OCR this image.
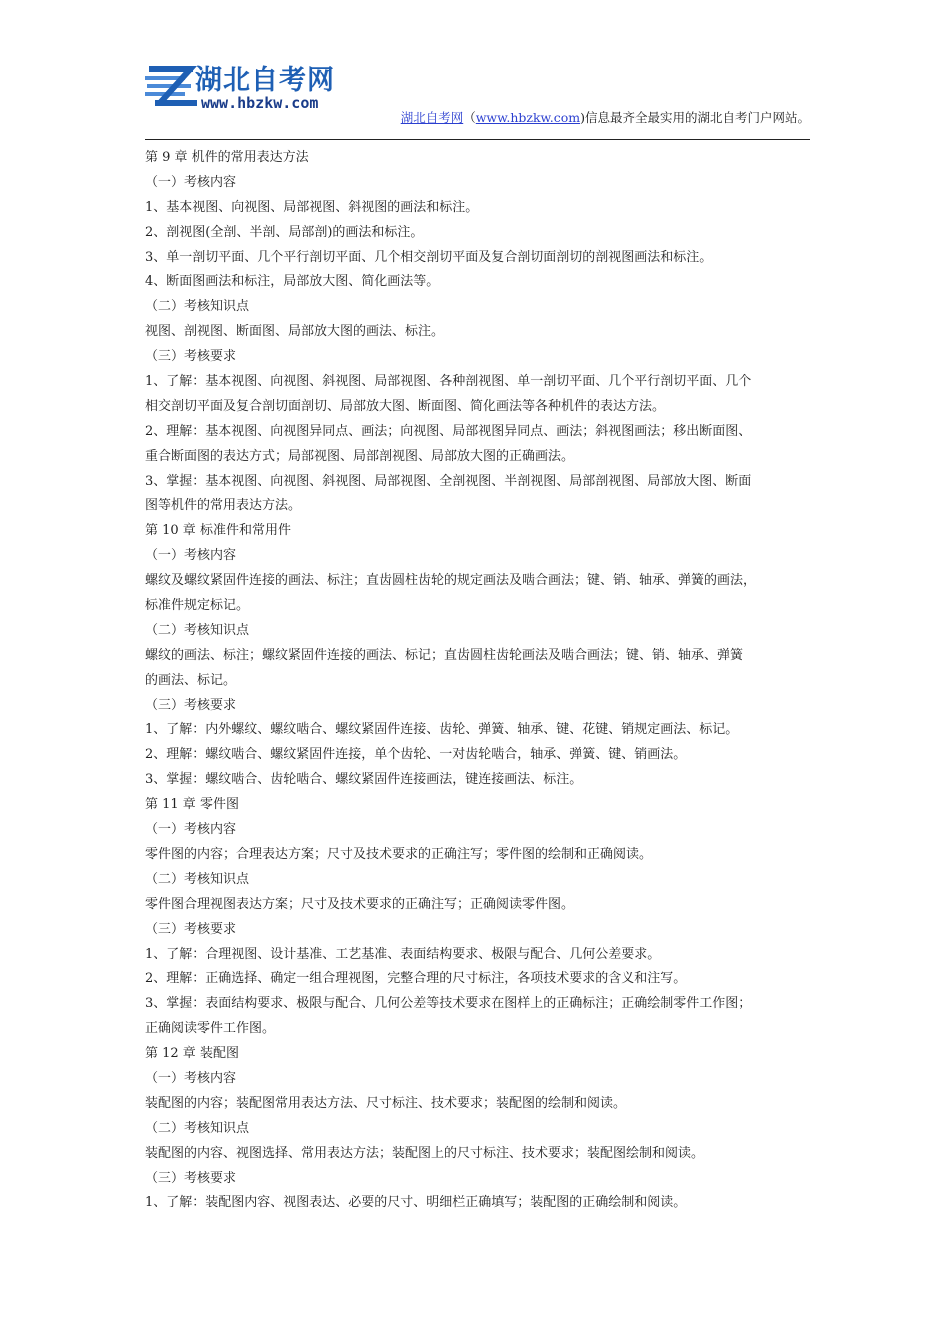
湖北自考网
www.hbzkw.com
湖北自考网（www.hbzkw.com)信息最齐全最实用的湖北自考门户网站。
第 9 章 机件的常用表达方法
（一）考核内容
1、基本视图、向视图、局部视图、斜视图的画法和标注。
2、剖视图(全剖、半剖、局部剖)的画法和标注。
3、单一剖切平面、几个平行剖切平面、几个相交剖切平面及复合剖切面剖切的剖视图画法和标注。
4、断面图画法和标注，局部放大图、简化画法等。
（二）考核知识点
视图、剖视图、断面图、局部放大图的画法、标注。
（三）考核要求
1、了解：基本视图、向视图、斜视图、局部视图、各种剖视图、单一剖切平面、几个平行剖切平面、几个
相交剖切平面及复合剖切面剖切、局部放大图、断面图、简化画法等各种机件的表达方法。
2、理解：基本视图、向视图异同点、画法；向视图、局部视图异同点、画法；斜视图画法；移出断面图、
重合断面图的表达方式；局部视图、局部剖视图、局部放大图的正确画法。
3、掌握：基本视图、向视图、斜视图、局部视图、全剖视图、半剖视图、局部剖视图、局部放大图、断面
图等机件的常用表达方法。
第 10 章 标准件和常用件
（一）考核内容
螺纹及螺纹紧固件连接的画法、标注；直齿圆柱齿轮的规定画法及啮合画法；键、销、轴承、弹簧的画法，
标准件规定标记。
（二）考核知识点
螺纹的画法、标注；螺纹紧固件连接的画法、标记；直齿圆柱齿轮画法及啮合画法；键、销、轴承、弹簧
的画法、标记。
（三）考核要求
1、了解：内外螺纹、螺纹啮合、螺纹紧固件连接、齿轮、弹簧、轴承、键、花键、销规定画法、标记。
2、理解：螺纹啮合、螺纹紧固件连接，单个齿轮、一对齿轮啮合，轴承、弹簧、键、销画法。
3、掌握：螺纹啮合、齿轮啮合、螺纹紧固件连接画法，键连接画法、标注。
第 11 章 零件图
（一）考核内容
零件图的内容；合理表达方案；尺寸及技术要求的正确注写；零件图的绘制和正确阅读。
（二）考核知识点
零件图合理视图表达方案；尺寸及技术要求的正确注写；正确阅读零件图。
（三）考核要求
1、了解：合理视图、设计基准、工艺基准、表面结构要求、极限与配合、几何公差要求。
2、理解：正确选择、确定一组合理视图，完整合理的尺寸标注，各项技术要求的含义和注写。
3、掌握：表面结构要求、极限与配合、几何公差等技术要求在图样上的正确标注；正确绘制零件工作图；
正确阅读零件工作图。
第 12 章 装配图
（一）考核内容
装配图的内容；装配图常用表达方法、尺寸标注、技术要求；装配图的绘制和阅读。
（二）考核知识点
装配图的内容、视图选择、常用表达方法；装配图上的尺寸标注、技术要求；装配图绘制和阅读。
（三）考核要求
1、了解：装配图内容、视图表达、必要的尺寸、明细栏正确填写；装配图的正确绘制和阅读。
